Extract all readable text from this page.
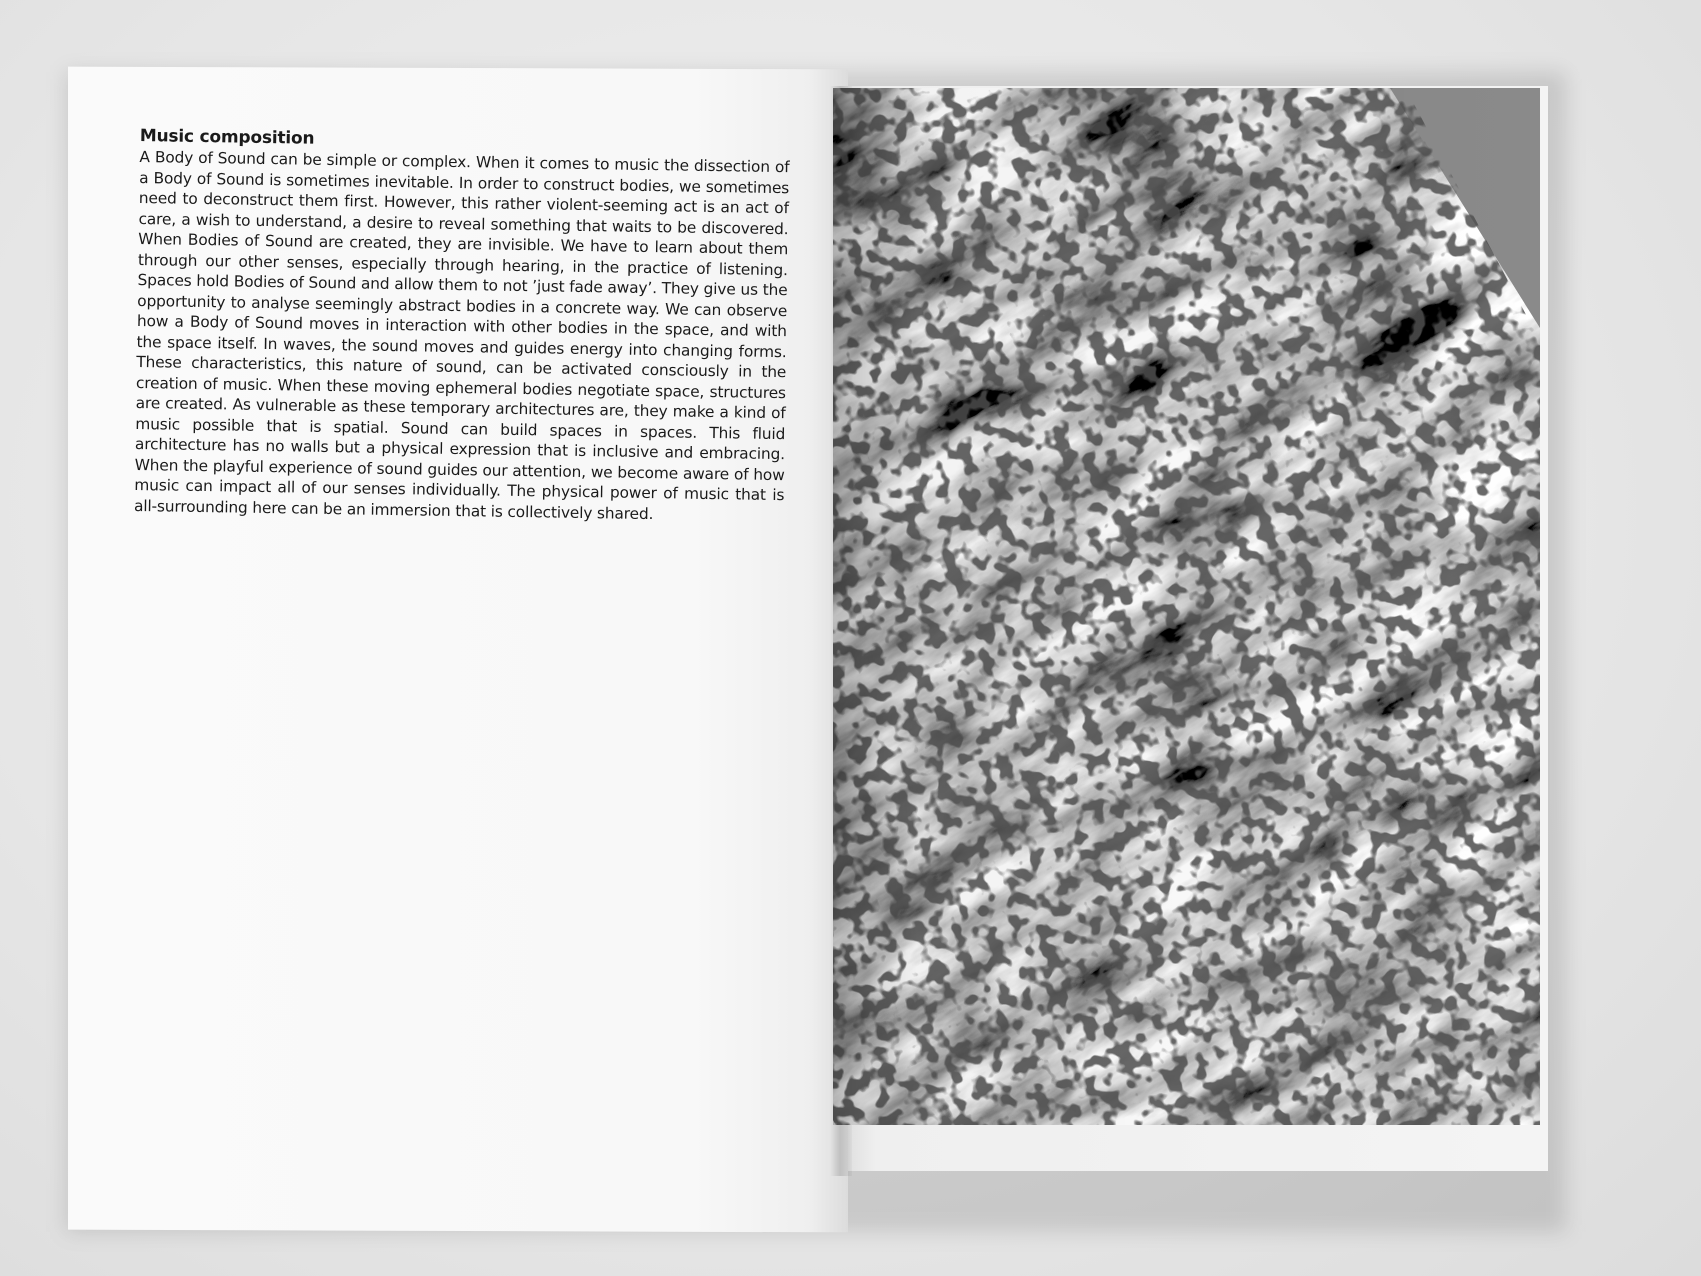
Music composition

A Body of Sound can be simple or complex. When it comes to music the dissection of a Body of Sound is sometimes inevitable. In order to construct bodies, we sometimes need to deconstruct them first. However, this rather violent-seeming act is an act of care, a wish to understand, a desire to reveal something that waits to be discovered. When Bodies of Sound are created, they are invisible. We have to learn about them through our other senses, especially through hearing, in the practice of listening. Spaces hold Bodies of Sound and allow them to not ’just fade away’. They give us the opportunity to analyse seemingly abstract bodies in a concrete way. We can observe how a Body of Sound moves in interaction with other bodies in the space, and with the space itself. In waves, the sound moves and guides energy into changing forms. These characteristics, this nature of sound, can be activated consciously in the creation of music. When these moving ephemeral bodies negotiate space, structures are created. As vulnerable as these temporary architectures are, they make a kind of music possible that is spatial. Sound can build spaces in spaces. This fluid architecture has no walls but a physical expression that is inclusive and embracing. When the playful experience of sound guides our attention, we become aware of how music can impact all of our senses individually. The physical power of music that is all-surrounding here can be an immersion that is collectively shared.
